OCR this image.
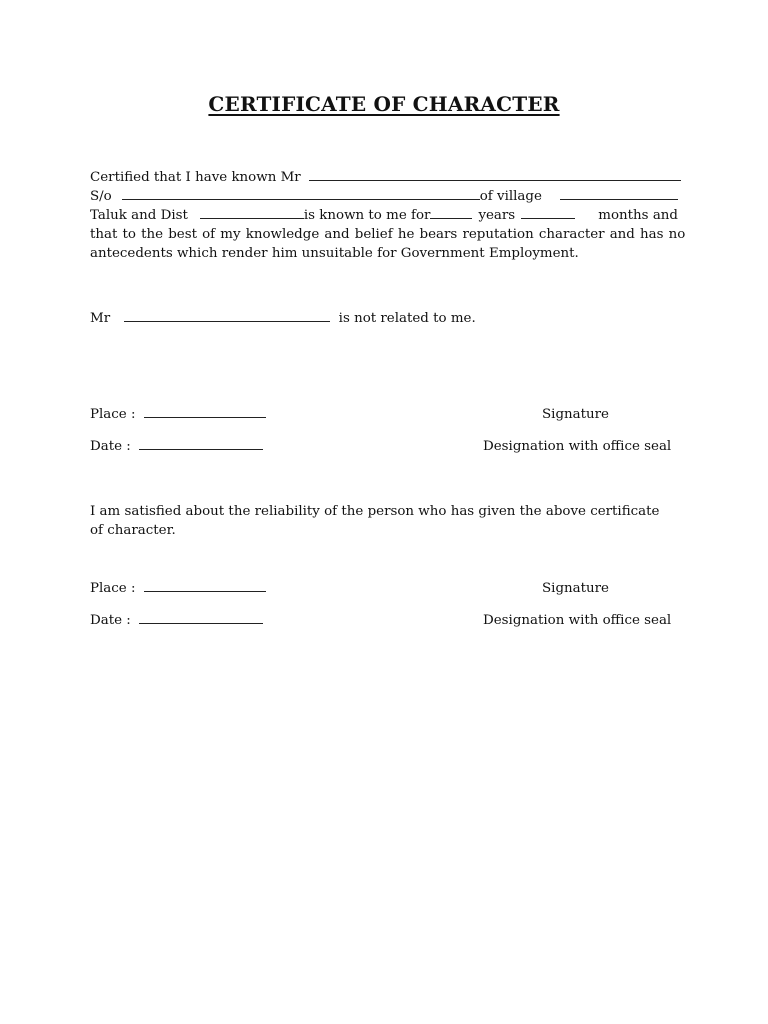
CERTIFICATE OF CHARACTER
Certified that I have known Mr
S/o	of village
Taluk and Dist	is known to me for	years	months and
that to the best of my knowledge and belief he bears reputation character and has no
antecedents which render him unsuitable for Government Employment.
Mr	is not related to me.
Place :	Signature
Date :	Designation with office seal
I am satisfied about the reliability of the person who has given the above certificate
of character.
Place :	Signature
Date :	Designation with office seal
